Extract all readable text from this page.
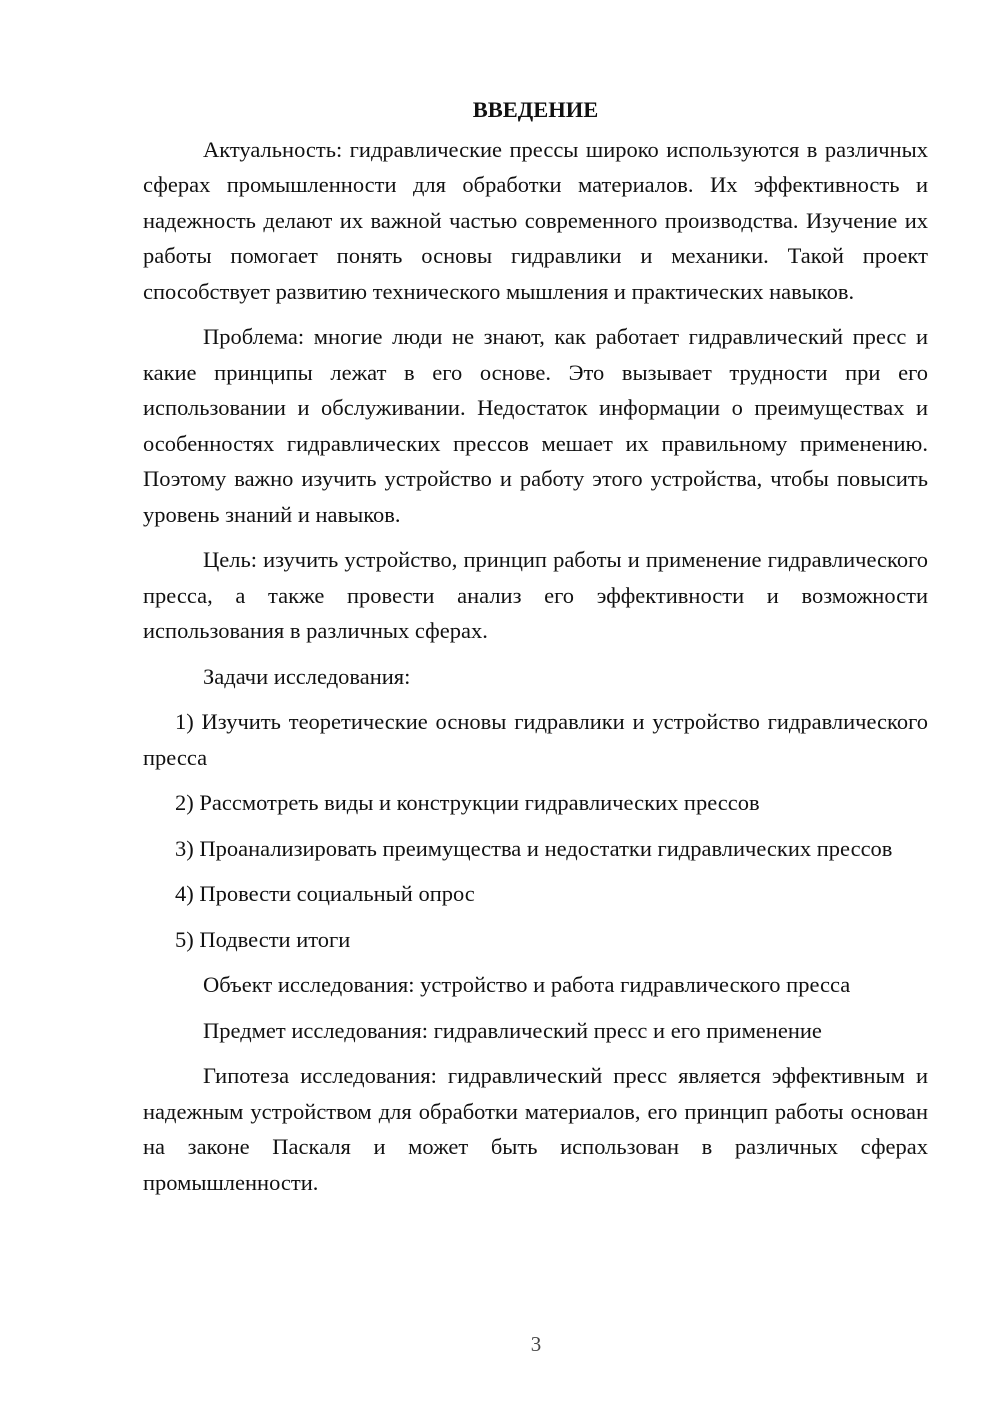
ВВЕДЕНИЕ

Актуальность: гидравлические прессы широко используются в различных сферах промышленности для обработки материалов. Их эффективность и надежность делают их важной частью современного производства. Изучение их работы помогает понять основы гидравлики и механики. Такой проект способствует развитию технического мышления и практических навыков.

Проблема: многие люди не знают, как работает гидравлический пресс и какие принципы лежат в его основе. Это вызывает трудности при его использовании и обслуживании. Недостаток информации о преимуществах и особенностях гидравлических прессов мешает их правильному применению. Поэтому важно изучить устройство и работу этого устройства, чтобы повысить уровень знаний и навыков.

Цель: изучить устройство, принцип работы и применение гидравлического пресса, а также провести анализ его эффективности и возможности использования в различных сферах.

Задачи исследования:

1) Изучить теоретические основы гидравлики и устройство гидравлического пресса

2) Рассмотреть виды и конструкции гидравлических прессов

3) Проанализировать преимущества и недостатки гидравлических прессов

4) Провести социальный опрос

5) Подвести итоги

Объект исследования: устройство и работа гидравлического пресса

Предмет исследования: гидравлический пресс и его применение

Гипотеза исследования: гидравлический пресс является эффективным и надежным устройством для обработки материалов, его принцип работы основан на законе Паскаля и может быть использован в различных сферах промышленности.

3
